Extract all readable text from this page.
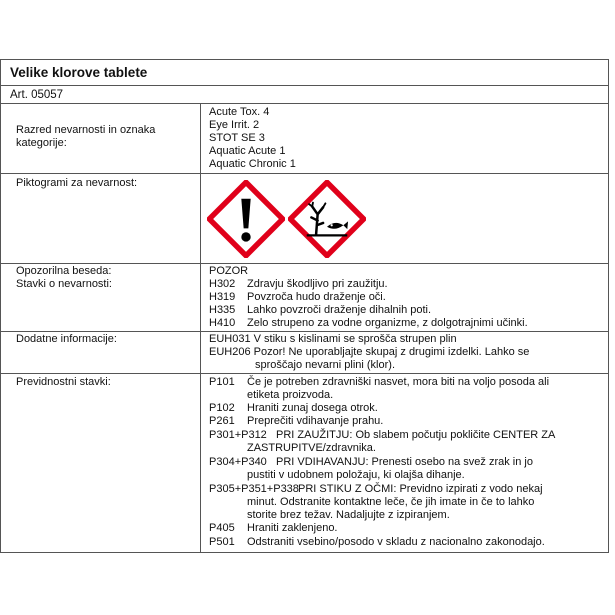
Velike klorove tablete
Art. 05057
Razred nevarnosti in oznaka
kategorije:
Acute Tox. 4
Eye Irrit. 2
STOT SE 3
Aquatic Acute 1
Aquatic Chronic 1
Piktogrami za nevarnost:
Opozorilna beseda:	POZOR
Stavki o nevarnosti:	H302 Zdravju škodljivo pri zaužitju.
H319 Povzroča hudo draženje oči.
H335 Lahko povzroči draženje dihalnih poti.
H410 Zelo strupeno za vodne organizme, z dolgotrajnimi učinki.
Dodatne informacije:	EUH031 V stiku s kislinami se sprošča strupen plin
EUH206 Pozor! Ne uporabljajte skupaj z drugimi izdelki. Lahko se
sproščajo nevarni plini (klor).
Previdnostni stavki:	P101 Če je potreben zdravniški nasvet, mora biti na voljo posoda ali
etiketa proizvoda.
P102 Hraniti zunaj dosega otrok.
P261 Preprečiti vdihavanje prahu.
P301+P312 PRI ZAUŽITJU: Ob slabem počutju pokličite CENTER ZA
ZASTRUPITVE/zdravnika.
P304+P340 PRI VDIHAVANJU: Prenesti osebo na svež zrak in jo
pustiti v udobnem položaju, ki olajša dihanje.
P305+P351+P338 PRI STIKU Z OČMI: Previdno izpirati z vodo nekaj
minut. Odstranite kontaktne leče, če jih imate in če to lahko
storite brez težav. Nadaljujte z izpiranjem.
P405 Hraniti zaklenjeno.
P501 Odstraniti vsebino/posodo v skladu z nacionalno zakonodajo.
